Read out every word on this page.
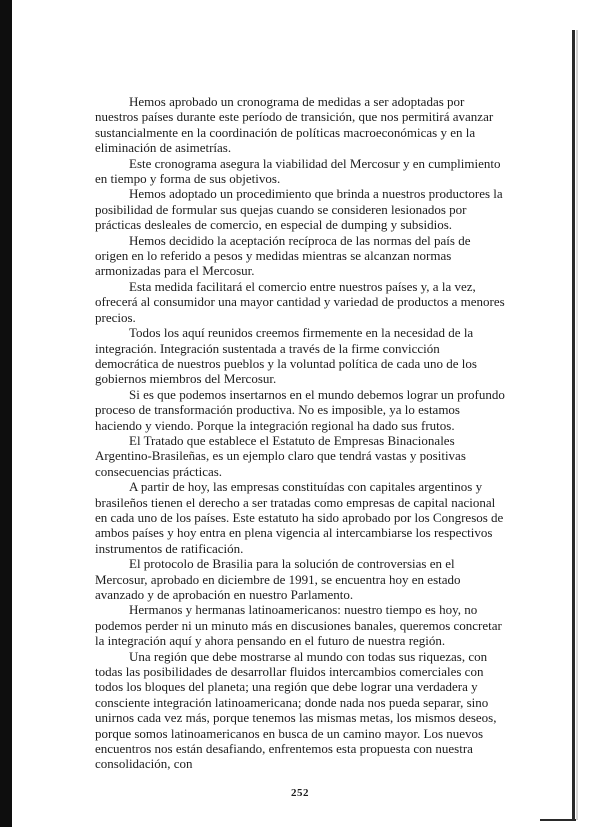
Hemos aprobado un cronograma de medidas a ser adoptadas por nuestros países durante este período de transición, que nos permitirá avanzar sustancialmente en la coordinación de políticas macroeconómicas y en la eliminación de asimetrías.

Este cronograma asegura la viabilidad del Mercosur y en cumplimiento en tiempo y forma de sus objetivos.

Hemos adoptado un procedimiento que brinda a nuestros productores la posibilidad de formular sus quejas cuando se consideren lesionados por prácticas desleales de comercio, en especial de dumping y subsidios.

Hemos decidido la aceptación recíproca de las normas del país de origen en lo referido a pesos y medidas mientras se alcanzan normas armonizadas para el Mercosur.

Esta medida facilitará el comercio entre nuestros países y, a la vez, ofrecerá al consumidor una mayor cantidad y variedad de productos a menores precios.

Todos los aquí reunidos creemos firmemente en la necesidad de la integración. Integración sustentada a través de la firme convicción democrática de nuestros pueblos y la voluntad política de cada uno de los gobiernos miembros del Mercosur.

Si es que podemos insertarnos en el mundo debemos lograr un profundo proceso de transformación productiva. No es imposible, ya lo estamos haciendo y viendo. Porque la integración regional ha dado sus frutos.

El Tratado que establece el Estatuto de Empresas Binacionales Argentino-Brasileñas, es un ejemplo claro que tendrá vastas y positivas consecuencias prácticas.

A partir de hoy, las empresas constituídas con capitales argentinos y brasileños tienen el derecho a ser tratadas como empresas de capital nacional en cada uno de los países. Este estatuto ha sido aprobado por los Congresos de ambos países y hoy entra en plena vigencia al intercambiarse los respectivos instrumentos de ratificación.

El protocolo de Brasilia para la solución de controversias en el Mercosur, aprobado en diciembre de 1991, se encuentra hoy en estado avanzado y de aprobación en nuestro Parlamento.

Hermanos y hermanas latinoamericanos: nuestro tiempo es hoy, no podemos perder ni un minuto más en discusiones banales, queremos concretar la integración aquí y ahora pensando en el futuro de nuestra región.

Una región que debe mostrarse al mundo con todas sus riquezas, con todas las posibilidades de desarrollar fluidos intercambios comerciales con todos los bloques del planeta; una región que debe lograr una verdadera y consciente integración latinoamericana; donde nada nos pueda separar, sino unirnos cada vez más, porque tenemos las mismas metas, los mismos deseos, porque somos latinoamericanos en busca de un camino mayor. Los nuevos encuentros nos están desafiando, enfrentemos esta propuesta con nuestra consolidación, con

252
